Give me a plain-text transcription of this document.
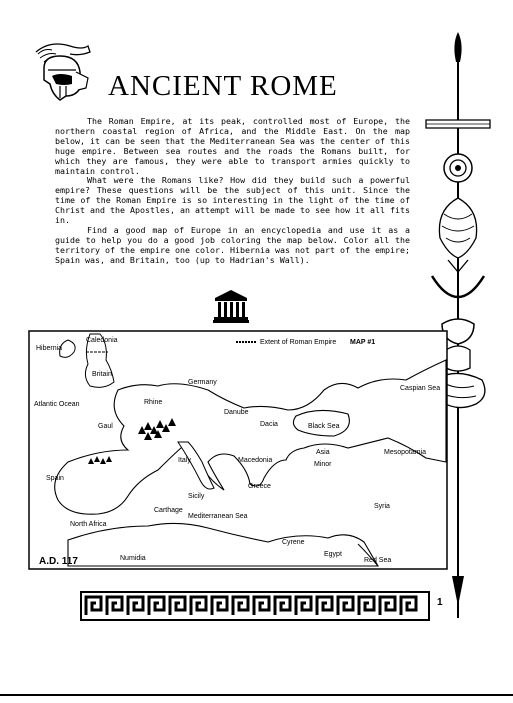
ANCIENT ROME

The Roman Empire, at its peak, controlled most of Europe, the northern coastal region of Africa, and the Middle East. On the map below, it can be seen that the Mediterranean Sea was the center of this huge empire. Between sea routes and the roads the Romans built, for which they are famous, they were able to transport armies quickly to maintain control.

What were the Romans like? How did they build such a powerful empire? These questions will be the subject of this unit. Since the time of the Roman Empire is so interesting in the light of the time of Christ and the Apostles, an attempt will be made to see how it all fits in.

Find a good map of Europe in an encyclopedia and use it as a guide to help you do a good job coloring the map below. Color all the territory of the empire one color. Hibernia was not part of the empire; Spain was, and Britain, too (up to Hadrian's Wall).

Extent of Roman Empire MAP #1
Hibernia
Caledonia
Britain
Atlantic Ocean
Gaul
Spain
Italy
Sicily
Carthage
North Africa
Numidia
Mediterranean Sea
Black Sea
Dacia
Macedonia
Greece
Asia
Minor
Caspian Sea
Mesopotamia
Syria
Egypt
Cyrene
Red Sea
Germany
Rhine
Danube
A.D. 117
1
